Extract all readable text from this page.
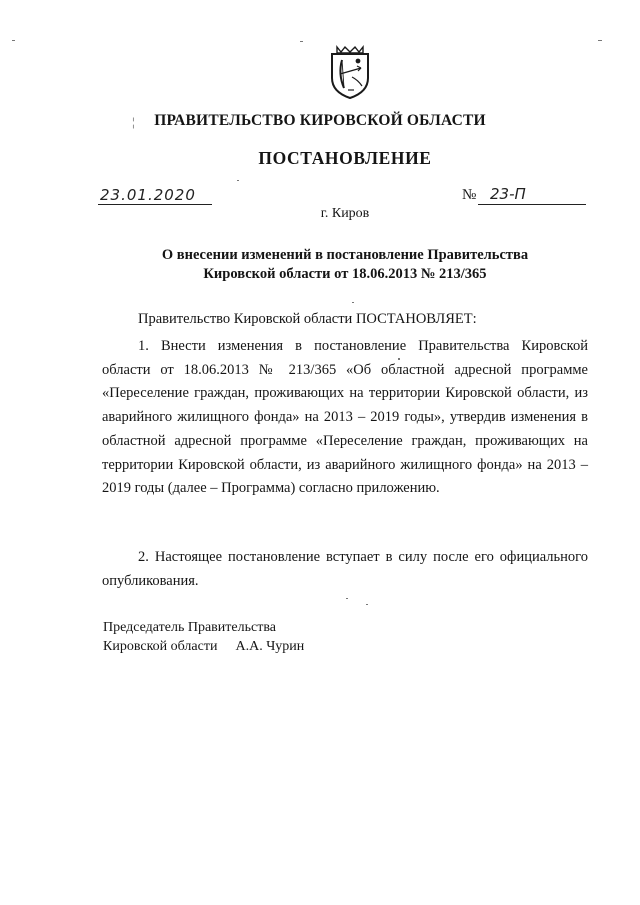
¦	ПРАВИТЕЛЬСТВО КИРОВСКОЙ ОБЛАСТИ
ПОСТАНОВЛЕНИЕ
23.01.2020	№ 23-П
г. Киров
О внесении изменений в постановление Правительства
Кировской области от 18.06.2013 № 213/365
Правительство Кировской области ПОСТАНОВЛЯЕТ:
1. Внести изменения в постановление Правительства Кировской области от 18.06.2013 № 213/365 «Об областной адресной программе «Переселение граждан, проживающих на территории Кировской области, из аварийного жилищного фонда» на 2013 – 2019 годы», утвердив изменения в областной адресной программе «Переселение граждан, проживающих на территории Кировской области, из аварийного жилищного фонда» на 2013 – 2019 годы (далее – Программа) согласно приложению.
2. Настоящее постановление вступает в силу после его официального опубликования.
Председатель Правительства
Кировской области А.А. Чурин
